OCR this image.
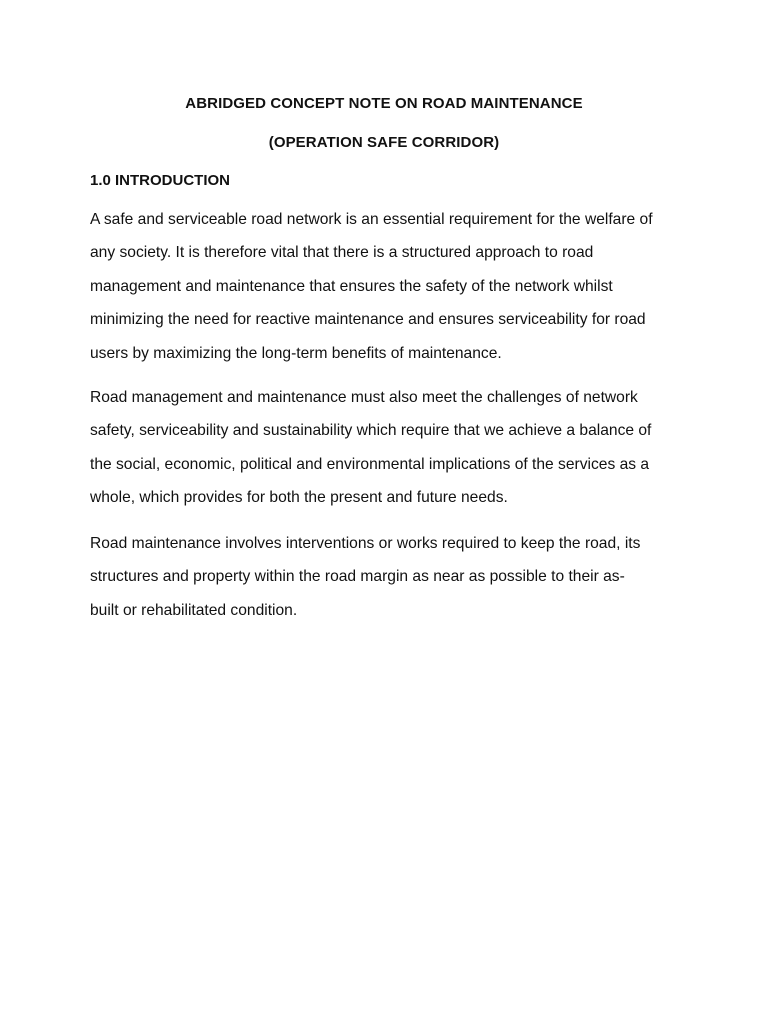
ABRIDGED CONCEPT NOTE ON ROAD MAINTENANCE
(OPERATION SAFE CORRIDOR)
1.0 INTRODUCTION

A safe and serviceable road network is an essential requirement for the welfare of
any society. It is therefore vital that there is a structured approach to road
management and maintenance that ensures the safety of the network whilst
minimizing the need for reactive maintenance and ensures serviceability for road
users by maximizing the long-term benefits of maintenance.

Road management and maintenance must also meet the challenges of network
safety, serviceability and sustainability which require that we achieve a balance of
the social, economic, political and environmental implications of the services as a
whole, which provides for both the present and future needs.

Road maintenance involves interventions or works required to keep the road, its
structures and property within the road margin as near as possible to their as-
built or rehabilitated condition.
